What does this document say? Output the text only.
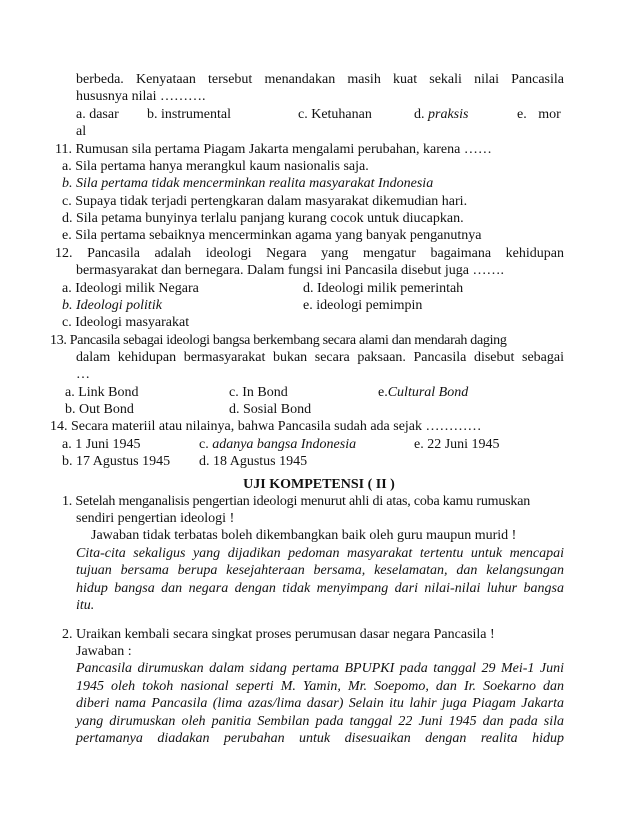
berbeda. Kenyataan tersebut menandakan masih kuat sekali nilai Pancasila
hususnya nilai ……….
a. dasar b. instrumental	c. Ketuhanan	d. praksis	e. mor
al
11. Rumusan sila pertama Piagam Jakarta mengalami perubahan, karena ……
a. Sila pertama hanya merangkul kaum nasionalis saja.
b. Sila pertama tidak mencerminkan realita masyarakat Indonesia
c. Supaya tidak terjadi pertengkaran dalam masyarakat dikemudian hari.
d. Sila petama bunyinya terlalu panjang kurang cocok untuk diucapkan.
e. Sila pertama sebaiknya mencerminkan agama yang banyak penganutnya
12. Pancasila adalah ideologi Negara yang mengatur bagaimana kehidupan
bermasyarakat dan bernegara. Dalam fungsi ini Pancasila disebut juga …….
a. Ideologi milik Negara	d. Ideologi milik pemerintah
b. Ideologi politik	e. ideologi pemimpin
c. Ideologi masyarakat
13. Pancasila sebagai ideologi bangsa berkembang secara alami dan mendarah daging
dalam kehidupan bermasyarakat bukan secara paksaan. Pancasila disebut sebagai
…
a. Link Bond	c. In Bond	e.Cultural Bond
b. Out Bond	d. Sosial Bond
14. Secara materiil atau nilainya, bahwa Pancasila sudah ada sejak …………
a. 1 Juni 1945	c. adanya bangsa Indonesia	e. 22 Juni 1945
b. 17 Agustus 1945 d. 18 Agustus 1945
UJI KOMPETENSI ( II )
1. Setelah menganalisis pengertian ideologi menurut ahli di atas, coba kamu rumuskan
sendiri pengertian ideologi !
Jawaban tidak terbatas boleh dikembangkan baik oleh guru maupun murid !
Cita-cita sekaligus yang dijadikan pedoman masyarakat tertentu untuk mencapai
tujuan bersama berupa kesejahteraan bersama, keselamatan, dan kelangsungan
hidup bangsa dan negara dengan tidak menyimpang dari nilai-nilai luhur bangsa
itu.
2. Uraikan kembali secara singkat proses perumusan dasar negara Pancasila !
Jawaban :
Pancasila dirumuskan dalam sidang pertama BPUPKI pada tanggal 29 Mei-1 Juni
1945 oleh tokoh nasional seperti M. Yamin, Mr. Soepomo, dan Ir. Soekarno dan
diberi nama Pancasila (lima azas/lima dasar) Selain itu lahir juga Piagam Jakarta
yang dirumuskan oleh panitia Sembilan pada tanggal 22 Juni 1945 dan pada sila
pertamanya diadakan perubahan untuk disesuaikan dengan realita hidup
